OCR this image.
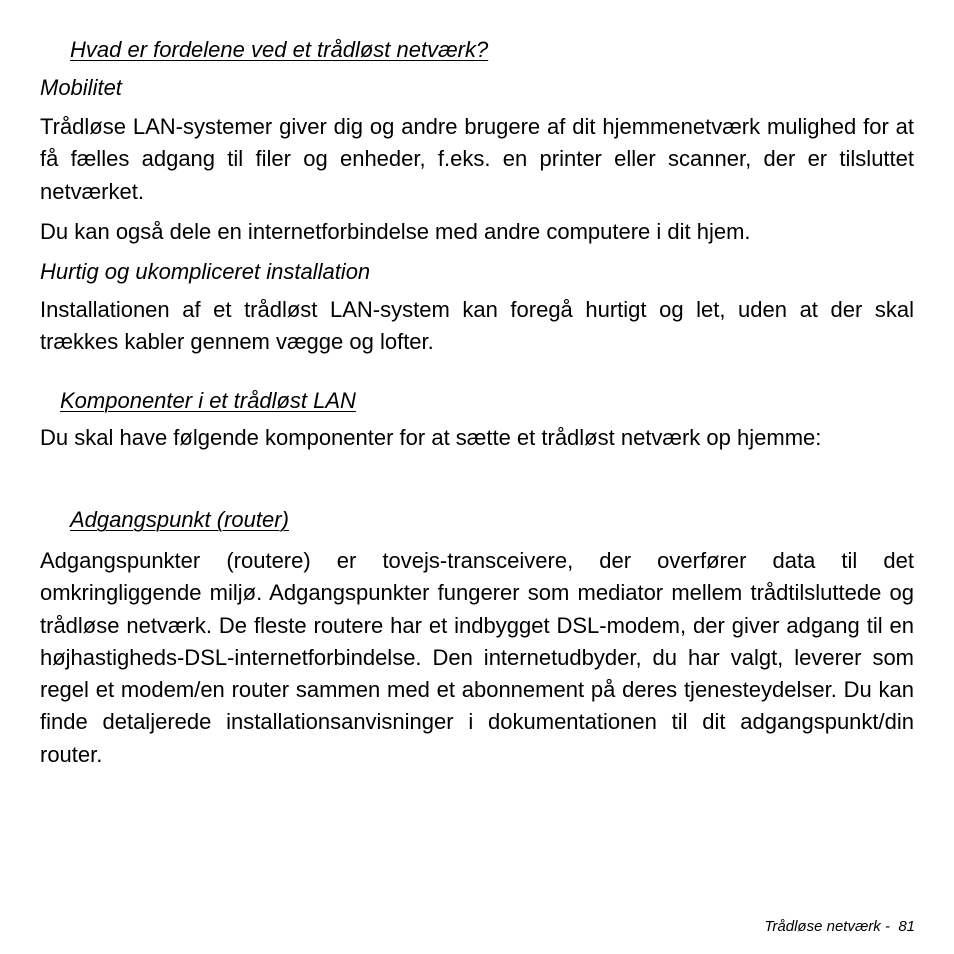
Hvad er fordelene ved et trådløst netværk?
Mobilitet
Trådløse LAN-systemer giver dig og andre brugere af dit hjemmenetværk mulighed for at få fælles adgang til filer og enheder, f.eks. en printer eller scanner, der er tilsluttet netværket.
Du kan også dele en internetforbindelse med andre computere i dit hjem.
Hurtig og ukompliceret installation
Installationen af et trådløst LAN-system kan foregå hurtigt og let, uden at der skal trækkes kabler gennem vægge og lofter.
Komponenter i et trådløst LAN
Du skal have følgende komponenter for at sætte et trådløst netværk op hjemme:
Adgangspunkt (router)
Adgangspunkter (routere) er tovejs-transceivere, der overfører data til det omkringliggende miljø. Adgangspunkter fungerer som mediator mellem trådtilsluttede og trådløse netværk. De fleste routere har et indbygget DSL-modem, der giver adgang til en højhastigheds-DSL-internetforbindelse. Den internetudbyder, du har valgt, leverer som regel et modem/en router sammen med et abonnement på deres tjenesteydelser. Du kan finde detaljerede installationsanvisninger i dokumentationen til dit adgangspunkt/din router.
Trådløse netværk - 81
